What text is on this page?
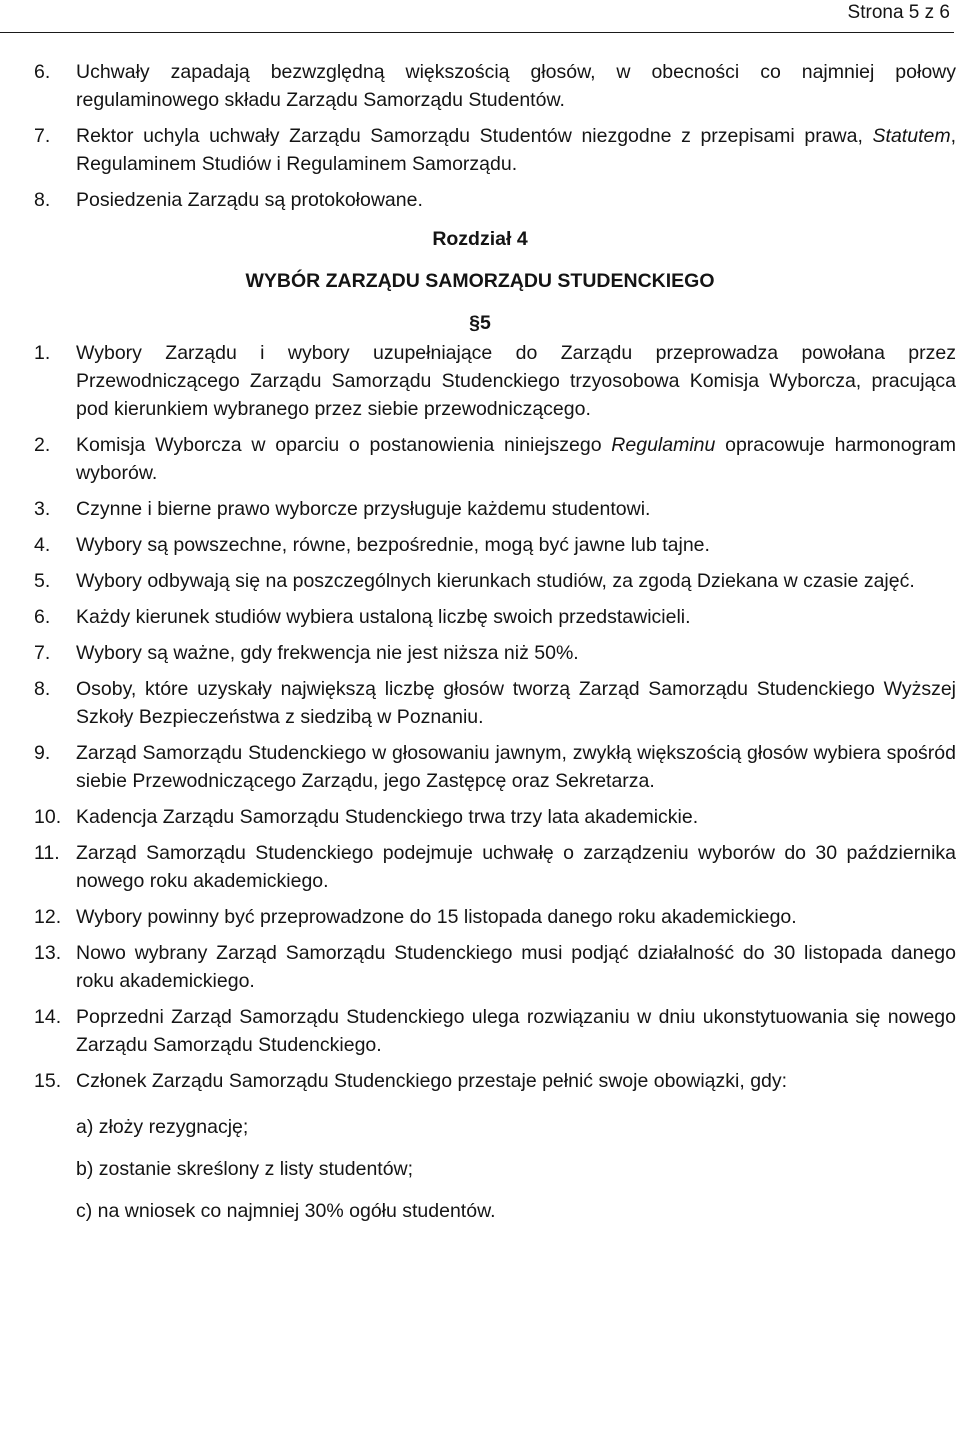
Strona 5 z 6
6. Uchwały zapadają bezwzględną większością głosów, w obecności co najmniej połowy regulaminowego składu Zarządu Samorządu Studentów.
7. Rektor uchyla uchwały Zarządu Samorządu Studentów niezgodne z przepisami prawa, Statutem, Regulaminem Studiów i Regulaminem Samorządu.
8. Posiedzenia Zarządu są protokołowane.
Rozdział 4
WYBÓR ZARZĄDU SAMORZĄDU STUDENCKIEGO
§5
1. Wybory Zarządu i wybory uzupełniające do Zarządu przeprowadza powołana przez Przewodniczącego Zarządu Samorządu Studenckiego trzyosobowa Komisja Wyborcza, pracująca pod kierunkiem wybranego przez siebie przewodniczącego.
2. Komisja Wyborcza w oparciu o postanowienia niniejszego Regulaminu opracowuje harmonogram wyborów.
3. Czynne i bierne prawo wyborcze przysługuje każdemu studentowi.
4. Wybory są powszechne, równe, bezpośrednie, mogą być jawne lub tajne.
5. Wybory odbywają się na poszczególnych kierunkach studiów, za zgodą Dziekana w czasie zajęć.
6. Każdy kierunek studiów wybiera ustaloną liczbę swoich przedstawicieli.
7. Wybory są ważne, gdy frekwencja nie jest niższa niż 50%.
8. Osoby, które uzyskały największą liczbę głosów tworzą Zarząd Samorządu Studenckiego Wyższej Szkoły Bezpieczeństwa z siedzibą w Poznaniu.
9. Zarząd Samorządu Studenckiego w głosowaniu jawnym, zwykłą większością głosów wybiera spośród siebie Przewodniczącego Zarządu, jego Zastępcę oraz Sekretarza.
10. Kadencja Zarządu Samorządu Studenckiego trwa trzy lata akademickie.
11. Zarząd Samorządu Studenckiego podejmuje uchwałę o zarządzeniu wyborów do 30 października nowego roku akademickiego.
12. Wybory powinny być przeprowadzone do 15 listopada danego roku akademickiego.
13. Nowo wybrany Zarząd Samorządu Studenckiego musi podjąć działalność do 30 listopada danego roku akademickiego.
14. Poprzedni Zarząd Samorządu Studenckiego ulega rozwiązaniu w dniu ukonstytuowania się nowego Zarządu Samorządu Studenckiego.
15. Członek Zarządu Samorządu Studenckiego przestaje pełnić swoje obowiązki, gdy:
a) złoży rezygnację;
b) zostanie skreślony z listy studentów;
c) na wniosek co najmniej 30% ogółu studentów.
